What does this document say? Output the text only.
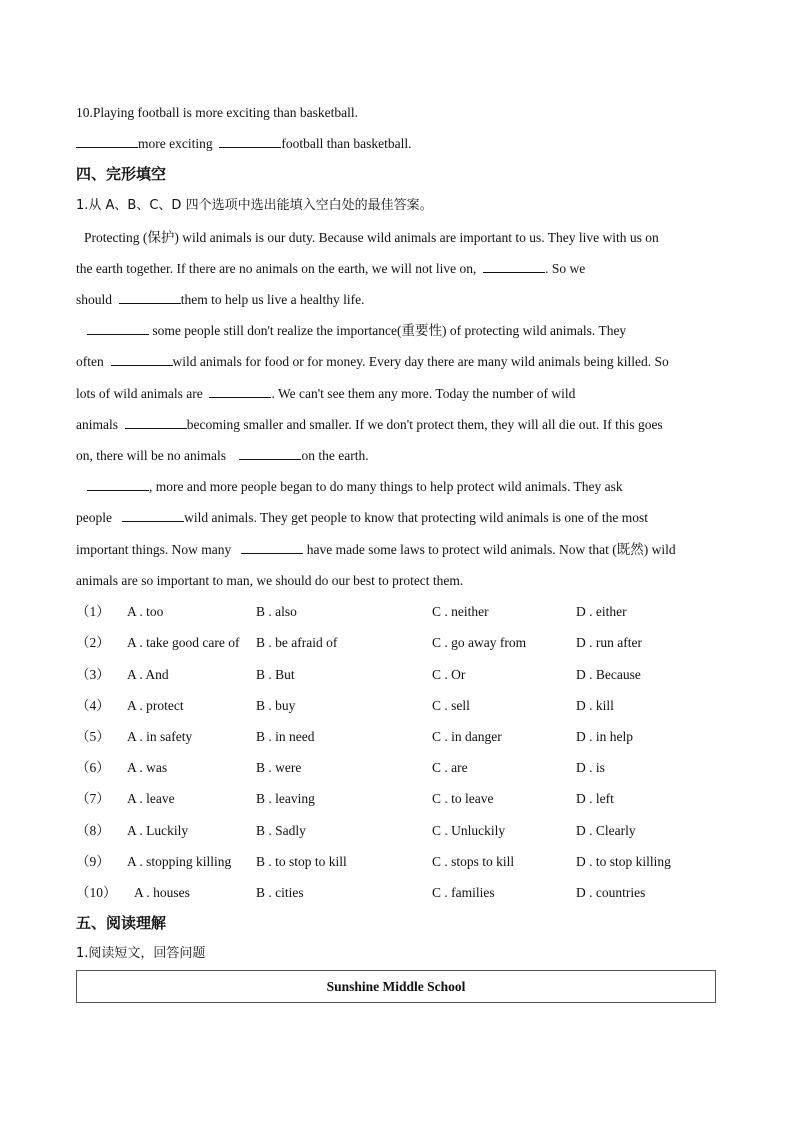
10.Playing football is more exciting than basketball.
more exciting	football than basketball.
四、完形填空
1.从 A、B、C、D 四个选项中选出能填入空白处的最佳答案。
Protecting (保护) wild animals is our duty. Because wild animals are important to us. They live with us on
the earth together. If there are no animals on the earth, we will not live on,	. So we
should	them to help us live a healthy life.
some people still don't realize the importance(重要性) of protecting wild animals. They
often	wild animals for food or for money. Every day there are many wild animals being killed. So
lots of wild animals are	. We can't see them any more. Today the number of wild
animals	becoming smaller and smaller. If we don't protect them, they will all die out. If this goes
on, there will be no animals	on the earth.
, more and more people began to do many things to help protect wild animals. They ask
people	wild animals. They get people to know that protecting wild animals is one of the most
important things. Now many	have made some laws to protect wild animals. Now that (既然) wild
animals are so important to man, we should do our best to protect them.
（1） A . too	B . also	C . neither	D . either
（2） A . take good care of B . be afraid of	C . go away from	D . run after
（3） A . And	B . But	C . Or	D . Because
（4） A . protect	B . buy	C . sell	D . kill
（5） A . in safety	B . in need	C . in danger	D . in help
（6） A . was	B . were	C . are	D . is
（7） A . leave	B . leaving	C . to leave	D . left
（8） A . Luckily	B . Sadly	C . Unluckily	D . Clearly
（9） A . stopping killing B . to stop to kill	C . stops to kill	D . to stop killing
（10） A . houses	B . cities	C . families	D . countries
五、阅读理解
1.阅读短文，回答问题
Sunshine Middle School
